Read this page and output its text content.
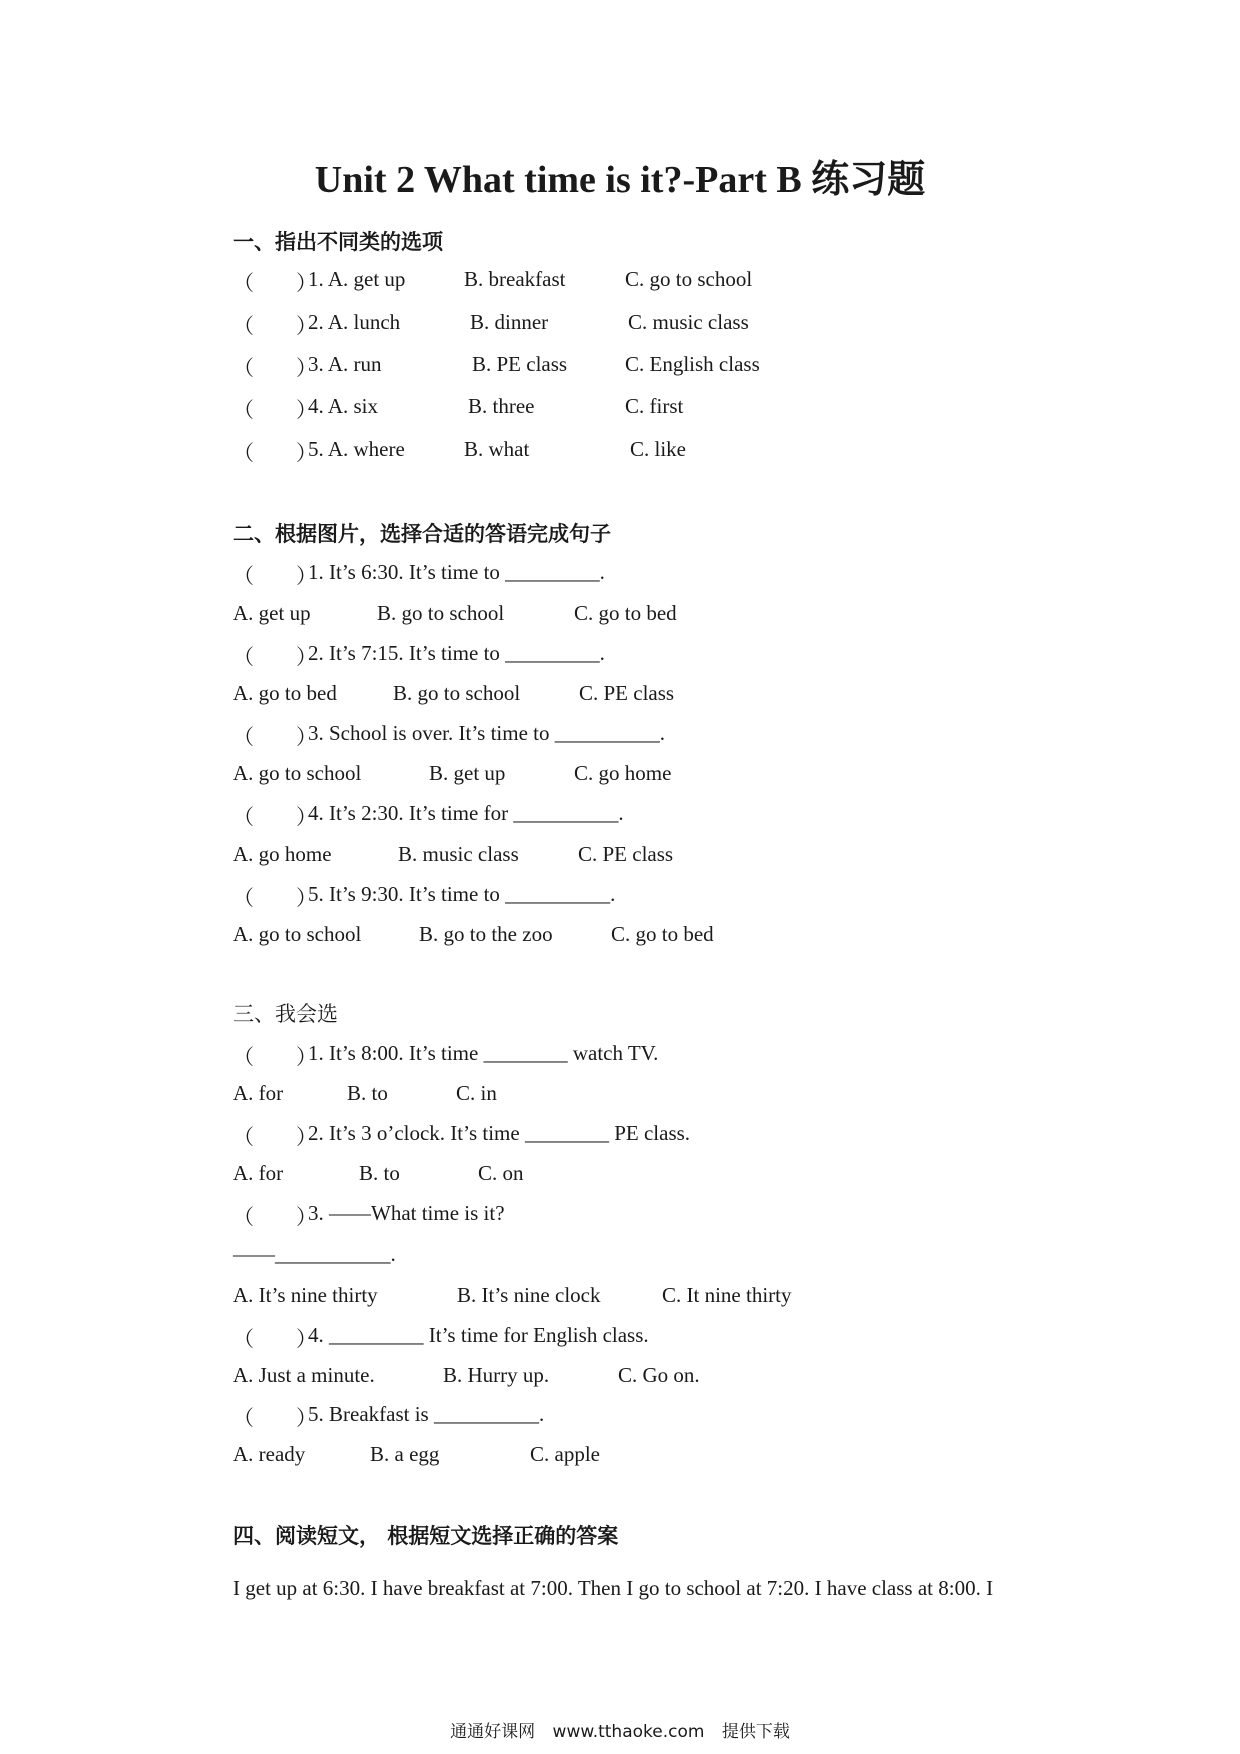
Unit 2 What time is it?-Part B 练习题
一、指出不同类的选项
（　　）
1. A. get up	B. breakfast	C. go to school
（　　）
2. A. lunch	B. dinner	C. music class
（　　）
3. A. run	B. PE class	C. English class
（　　）
4. A. six	B. three	C. first
（　　）
5. A. where	B. what	C. like
二、根据图片，选择合适的答语完成句子
（　　）
1. It’s 6:30. It’s time to _________.
A. get up	B. go to school	C. go to bed
（　　）
2. It’s 7:15. It’s time to _________.
A. go to bed	B. go to school	C. PE class
（　　）
3. School is over. It’s time to __________.
A. go to school	B. get up	C. go home
（　　）
4. It’s 2:30. It’s time for __________.
A. go home	B. music class	C. PE class
（　　）
5. It’s 9:30. It’s time to __________.
A. go to school	B. go to the zoo	C. go to bed
三、我会选
（　　）
1. It’s 8:00. It’s time ________ watch TV.
A. for	B. to	C. in
（　　）
2. It’s 3 o’clock. It’s time ________ PE class.
A. for	B. to	C. on
（　　）
3. ——What time is it?
——___________.
A. It’s nine thirty	B. It’s nine clock	C. It nine thirty
（　　）
4. _________ It’s time for English class.
A. Just a minute.	B. Hurry up.	C. Go on.
（　　）
5. Breakfast is __________.
A. ready	B. a egg	C. apple
四、阅读短文， 根据短文选择正确的答案
I get up at 6:30. I have breakfast at 7:00. Then I go to school at 7:20. I have class at 8:00. I
通通好课网 www.tthaoke.com 提供下载
